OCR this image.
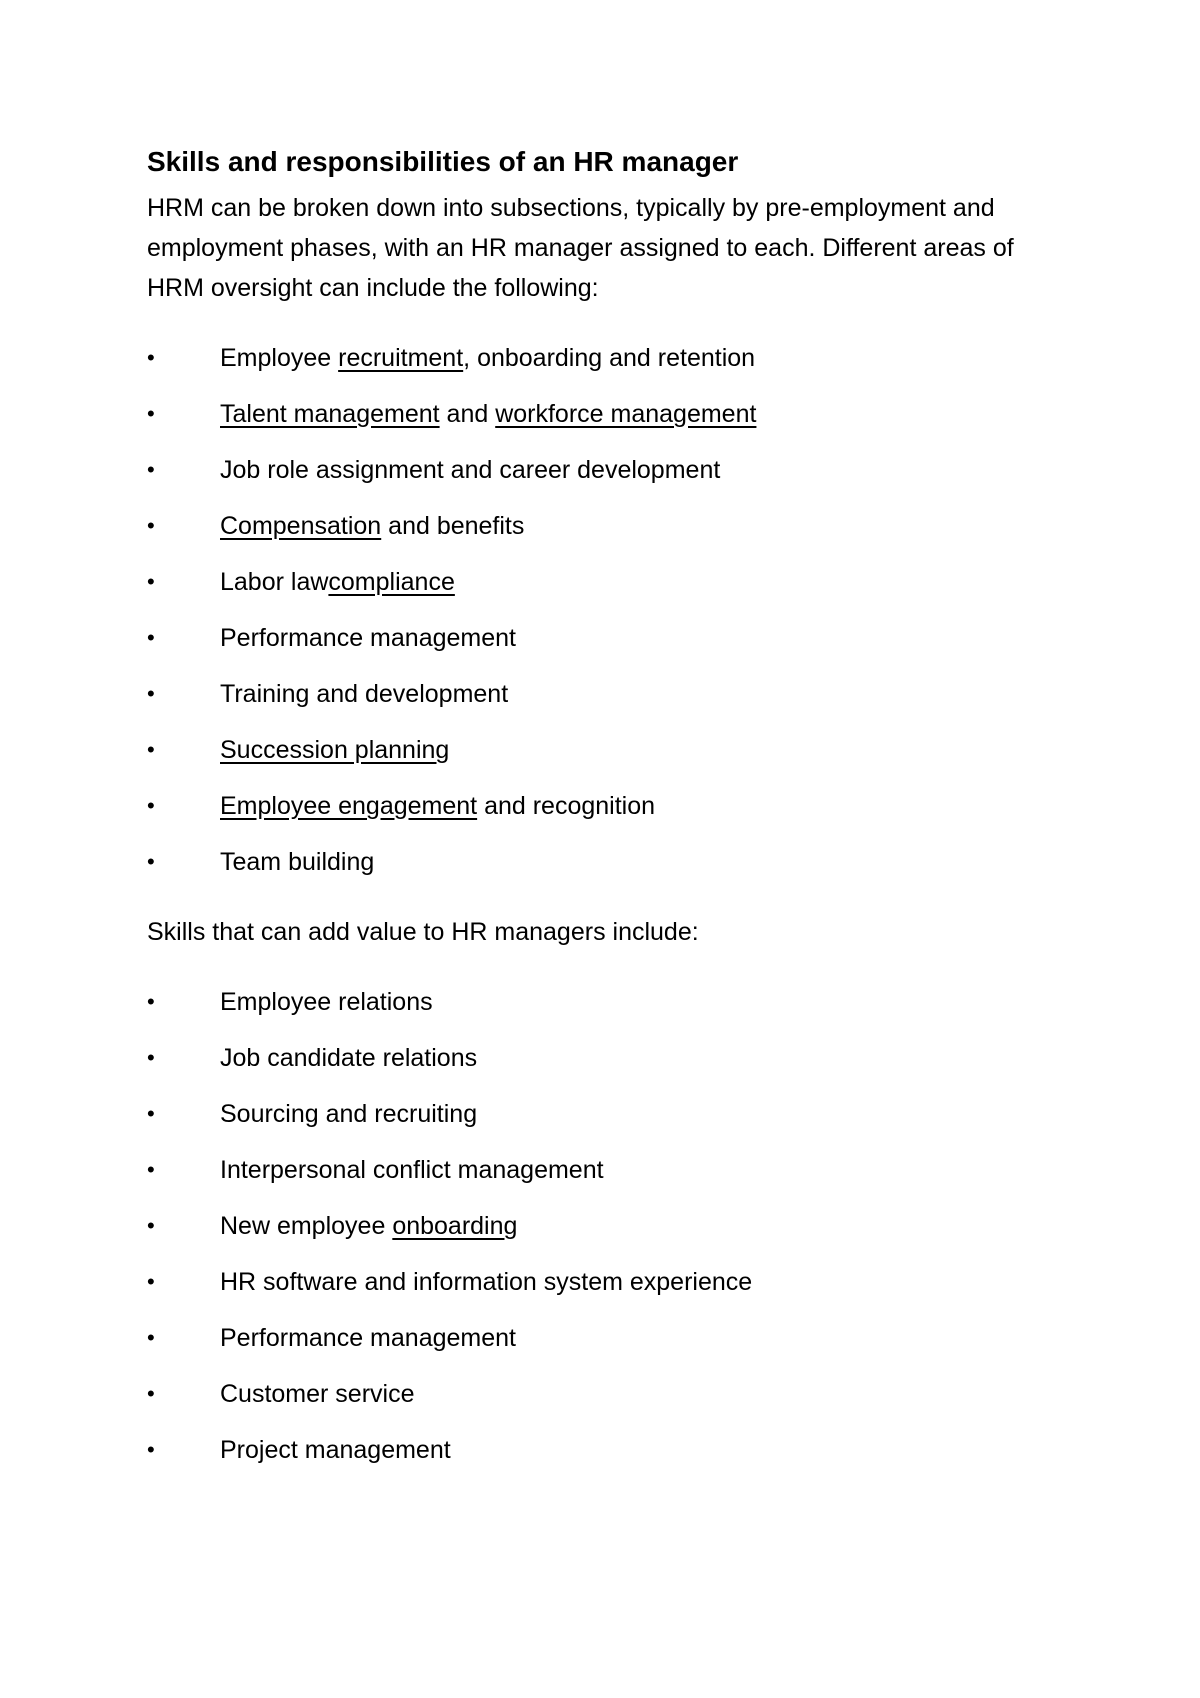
Skills and responsibilities of an HR manager

HRM can be broken down into subsections, typically by pre-employment and employment phases, with an HR manager assigned to each. Different areas of HRM oversight can include the following:

•	Employee recruitment, onboarding and retention
•	Talent management and workforce management
•	Job role assignment and career development
•	Compensation and benefits
•	Labor lawcompliance
•	Performance management
•	Training and development
•	Succession planning
•	Employee engagement and recognition
•	Team building

Skills that can add value to HR managers include:

•	Employee relations
•	Job candidate relations
•	Sourcing and recruiting
•	Interpersonal conflict management
•	New employee onboarding
•	HR software and information system experience
•	Performance management
•	Customer service
•	Project management
